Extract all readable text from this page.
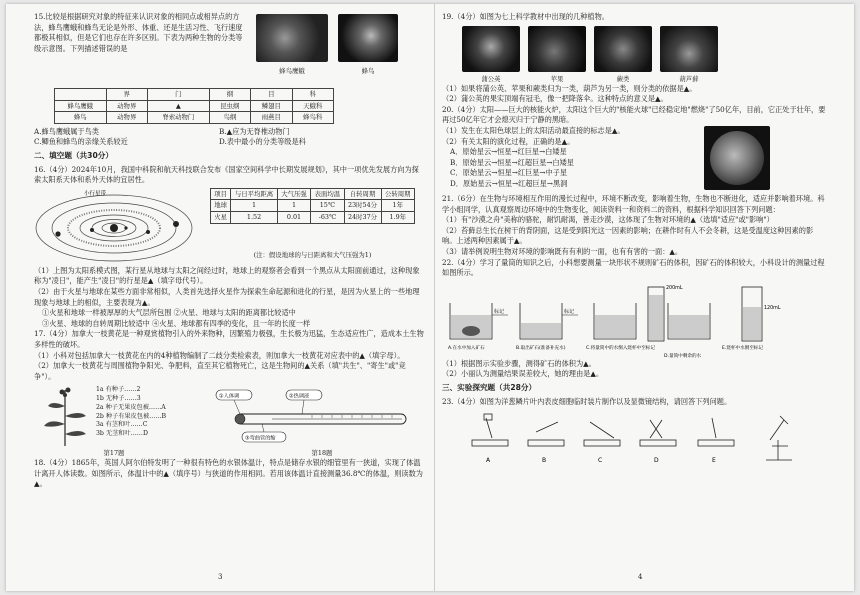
15.比较是根据研究对象的特征来认识对象的相同点或相异点的方法，蜂鸟鹰蛾和蜂鸟无论是外形、体重、还是生活习性、飞行速度都极其相似，但是它们也存在许多区别。下表为两种生物的分类等级示意图。下列描述错误的是

蜂鸟鹰蛾	蜂鸟
	界	门	纲	目	科
蜂鸟鹰蛾	动物界	▲	昆虫纲	鳞翅目	天蛾科
蜂鸟	动物界	脊索动物门	鸟纲	雨燕目	蜂鸟科
A.蜂鸟鹰蛾属于鸟类	B.▲应为无脊椎动物门
C.鲫鱼和蜂鸟的亲缘关系较近	D.表中最小的分类等级是科
二、填空题（共30分）

16.（4分）2024年10月，我国中科院和航天科技联合发布《国家空间科学中长期发展规划》，其中一项优先发展方向为探索太阳系天体和系外天体的宜居性。

小行星带	项目	与日平均距离	大气压强	表面均温	自转周期	公转周期
地球	1	1	15℃	23时54分	1年
火星	1.52	0.01	-63℃	24时37分	1.9年
(注：假设地球的与日距离和大气压强为1)

（1）上图为太阳系模式图，某行星从地球与太阳之间经过时，地球上的观察者会看到一个黑点从太阳面前通过，这种现象称为"凌日"，能产生"凌日"的行星是▲（填字母代号）。

（2）由于火星与地球在某些方面非常相似，人类首先选择火星作为探索生命起源和进化的行星，是因为火星上的一些地理现象与地球上的相似，主要表现为▲。

①火星和地球一样被厚厚的大气层所包围 ②火星、地球与太阳的距离都比较适中

③火星、地球的自转周期比较适中 ④火星、地球都有四季的变化，且一年的长度一样

17.（4分）加拿大一枝黄花是一种观赏植物引入的外来物种，因繁殖力极强，生长极为迅猛，生态适应性广，造成本土生物多样性的破坏。

（1）小科对包括加拿大一枝黄花在内的4种植物编制了二歧分类检索表，则加拿大一枝黄花对应表中的▲（填字母）。

（2）加拿大一枝黄花与周围植物争阳光、争肥料，直至其它植物死亡，这是生物间的▲关系（填"共生"、"寄生"或"竞争"）。

1a 有种子……2
1b 无种子……3
2a 种子无果皮包被……A
2b 种子有果皮包被……B
3a 有茎和叶……C
3b 无茎和叶……D
①人体调	②热调液
③弯曲管的缩
第17题	第18题

18.（4分）1865年，英国人阿尔伯特发明了一种很有特色的水银体温计，特点是储存水银的细管里有一狭道，实现了体温计离开人体读数。如图所示，体温计中的▲（填序号）与狭道的作用相同。若用该体温计直接测量36.8℃的体温，则读数为▲。

3

19.（4分）如图为七上科学教材中出现的几种植物。

蒲公英	苹果	蕨类	葫芦藓

（1）如果将蒲公英、苹果和蕨类归为一类，葫芦为另一类，则分类的依据是▲。

（2）蒲公英的果实顶端有冠毛，像一把降落伞。这种特点的意义是▲。

20.（4分）太阳——巨大的核能火炉，太阳这个巨大的"核能火球"已经稳定地"燃烧"了50亿年，目前，它正处于壮年，要再过50亿年它才会熄灭归于宁静的黑暗。

（1）发生在太阳色球层上的太阳活动最直接的标志是▲。

（2）有关太阳的演化过程，正确的是▲。

A．原始星云→恒星→红巨星→白矮星

B．原始星云→恒星→红超巨星→白矮星

C．原始星云→恒星→红巨星→中子星

D．原始星云→恒星→红超巨星→黑洞

21.（6分）在生物与环境相互作用的漫长过程中，环境不断改变，影响着生物，生物也不断进化，适应并影响着环境。科学小组同学，认真观察周边环境中的生物变化，阅读资料一和资料二的资料，根据科学知识回答下列问题：

（1）有"沙漠之舟"美称的骆驼，耐饥耐渴，善走沙漠，这体现了生物对环境的▲（选填"适应"或"影响"）

（2）苔藓总生长在树干的背阴面，这是受到阳光这一因素的影响；在耕作时有人不会冬耕，这是受温度这种因素的影响。上述两种因素属于▲。

（3）请举例说明生物对环境的影响既有有利的一面，也有有害的一面：▲。

22.（4分）学习了量筒的知识之后，小科想要测量一块形状不规则矿石的体积，因矿石的体积较大，小科设计的测量过程如图所示。

标记	标记
200mL
120mL
A.在水中加入矿石	B.取出矿石(准备补充水)	C.将量筒中的水倒入烧杯中至标记
D.量筒中剩余的水
E.烧杯中水倒至标记

（1）根据图示实验步骤，测得矿石的体积为▲。

（2）小丽认为测量结果误差较大，她的理由是▲。

三、实验探究题（共28分）

23.（4分）如图为洋葱鳞片叶内表皮细胞临时装片制作以及显微镜结构，请回答下列问题。

A	B	C	D	E
4
